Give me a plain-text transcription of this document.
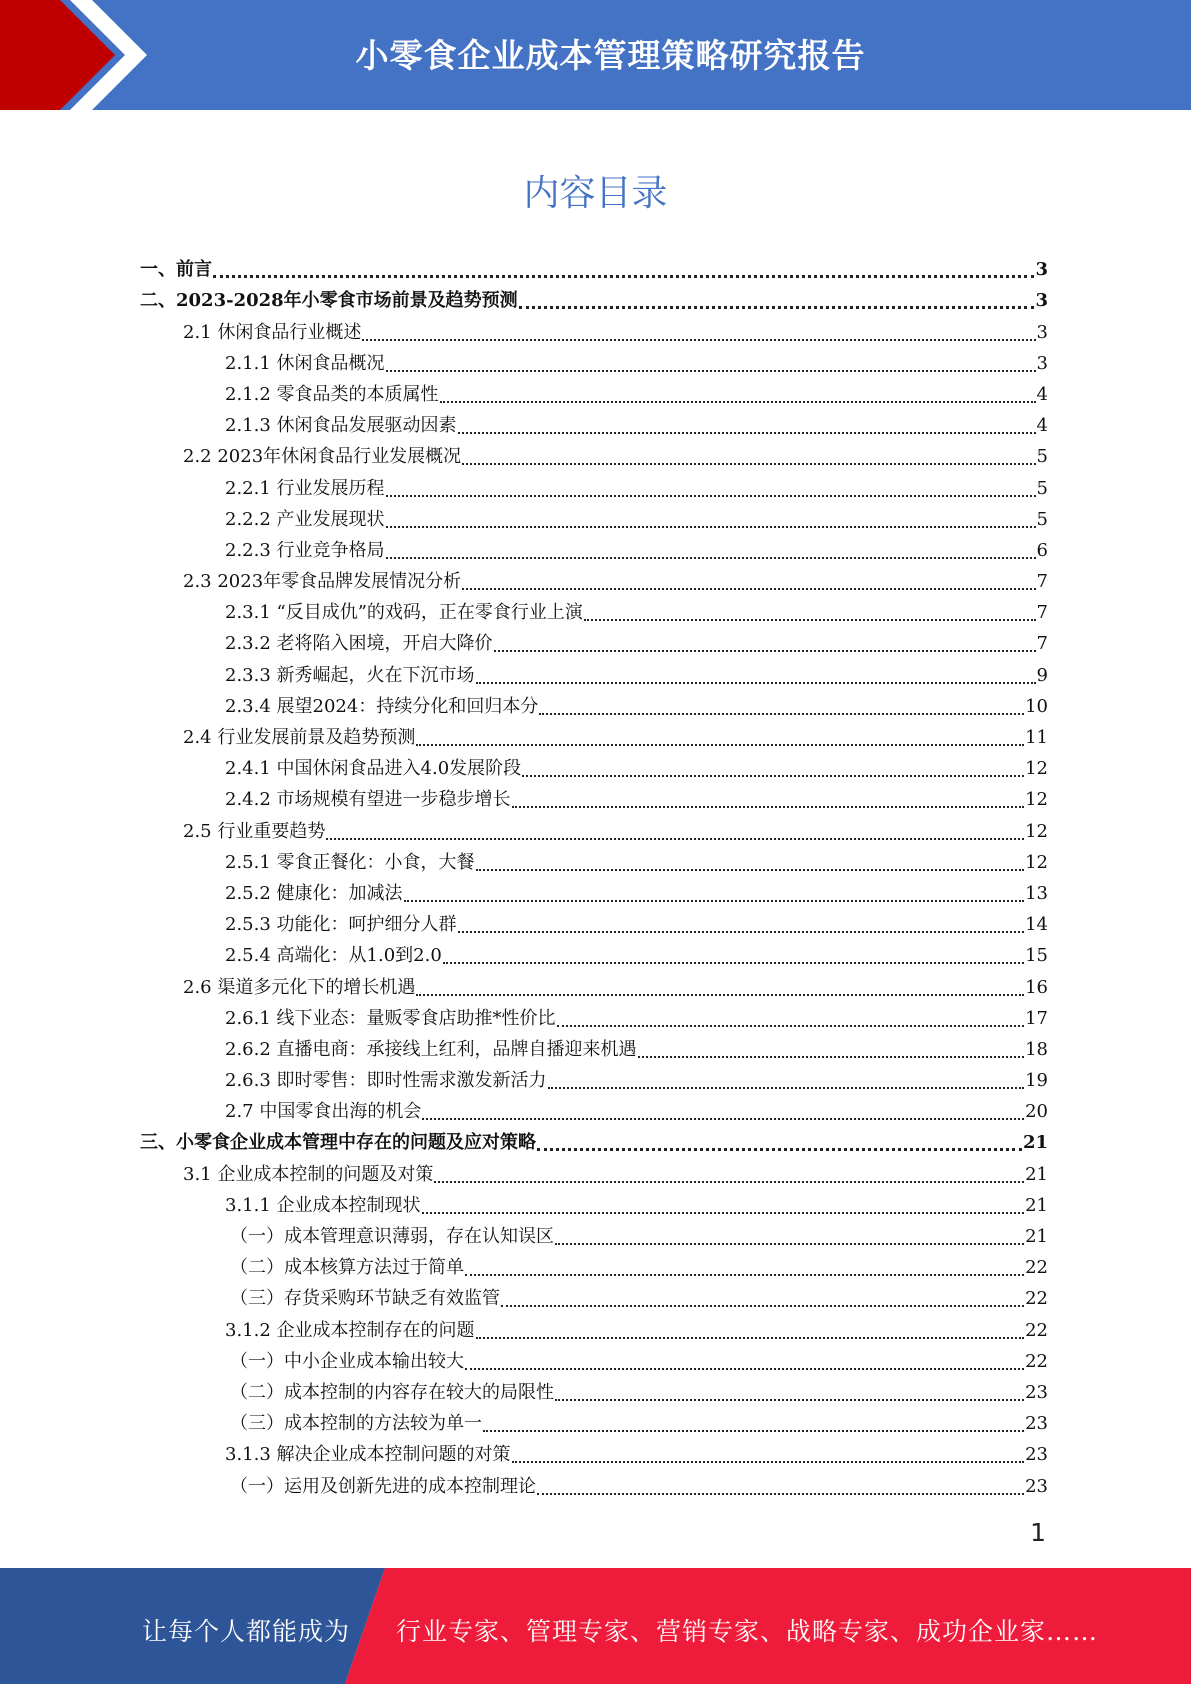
小零食企业成本管理策略研究报告
内容目录
一、前言	3
二、2023-2028年小零食市场前景及趋势预测	3
2.1 休闲食品行业概述	3
2.1.1 休闲食品概况	3
2.1.2 零食品类的本质属性	4
2.1.3 休闲食品发展驱动因素	4
2.2 2023年休闲食品行业发展概况	5
2.2.1 行业发展历程	5
2.2.2 产业发展现状	5
2.2.3 行业竞争格局	6
2.3 2023年零食品牌发展情况分析	7
2.3.1 “反目成仇”的戏码，正在零食行业上演	7
2.3.2 老将陷入困境，开启大降价	7
2.3.3 新秀崛起，火在下沉市场	9
2.3.4 展望2024：持续分化和回归本分	10
2.4 行业发展前景及趋势预测	11
2.4.1 中国休闲食品进入4.0发展阶段	12
2.4.2 市场规模有望进一步稳步增长	12
2.5 行业重要趋势	12
2.5.1 零食正餐化：小食，大餐	12
2.5.2 健康化：加减法	13
2.5.3 功能化：呵护细分人群	14
2.5.4 高端化：从1.0到2.0	15
2.6 渠道多元化下的增长机遇	16
2.6.1 线下业态：量贩零食店助推*性价比	17
2.6.2 直播电商：承接线上红利，品牌自播迎来机遇	18
2.6.3 即时零售：即时性需求激发新活力	19
2.7 中国零食出海的机会	20
三、小零食企业成本管理中存在的问题及应对策略	21
3.1 企业成本控制的问题及对策	21
3.1.1 企业成本控制现状	21
（一）成本管理意识薄弱，存在认知误区	21
（二）成本核算方法过于简单	22
（三）存货采购环节缺乏有效监管	22
3.1.2 企业成本控制存在的问题	22
（一）中小企业成本输出较大	22
（二）成本控制的内容存在较大的局限性	23
（三）成本控制的方法较为单一	23
3.1.3 解决企业成本控制问题的对策	23
（一）运用及创新先进的成本控制理论	23
1
让每个人都能成为 行业专家、管理专家、营销专家、战略专家、成功企业家……
